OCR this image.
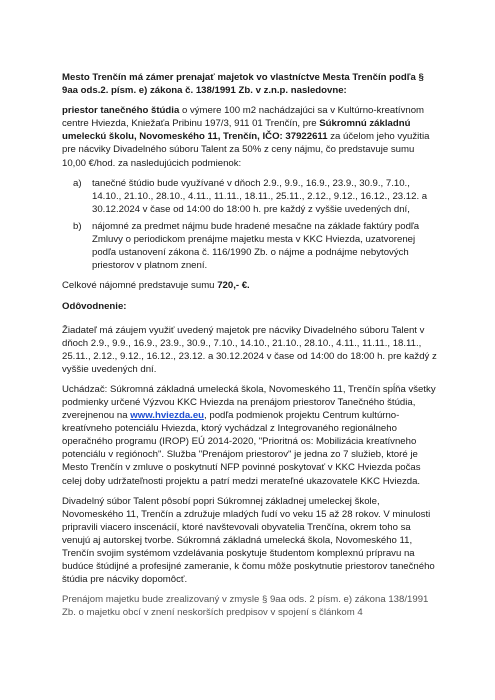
Mesto Trenčín má zámer prenajať majetok vo vlastníctve Mesta Trenčín podľa § 9aa ods.2. písm. e) zákona č. 138/1991 Zb. v z.n.p. nasledovne:

priestor tanečného štúdia o výmere 100 m2 nachádzajúci sa v Kultúrno-kreatívnom centre Hviezda, Kniežaťa Pribinu 197/3, 911 01 Trenčín, pre Súkromnú základnú umeleckú školu, Novomeského 11, Trenčín, IČO: 37922611 za účelom jeho využitia pre nácviky Divadelného súboru Talent za 50% z ceny nájmu, čo predstavuje sumu 10,00 €/hod. za nasledujúcich podmienok:

a) tanečné štúdio bude využívané v dňoch 2.9., 9.9., 16.9., 23.9., 30.9., 7.10., 14.10., 21.10., 28.10., 4.11., 11.11., 18.11., 25.11., 2.12., 9.12., 16.12., 23.12. a 30.12.2024 v čase od 14:00 do 18:00 h. pre každý z vyššie uvedených dní,
b) nájomné za predmet nájmu bude hradené mesačne na základe faktúry podľa Zmluvy o periodickom prenájme majetku mesta v KKC Hviezda, uzatvorenej podľa ustanovení zákona č. 116/1990 Zb. o nájme a podnájme nebytových priestorov v platnom znení.

Celkové nájomné predstavuje sumu 720,- €.

Odôvodnenie:

Žiadateľ má záujem využiť uvedený majetok pre nácviky Divadelného súboru Talent v dňoch 2.9., 9.9., 16.9., 23.9., 30.9., 7.10., 14.10., 21.10., 28.10., 4.11., 11.11., 18.11., 25.11., 2.12., 9.12., 16.12., 23.12. a 30.12.2024 v čase od 14:00 do 18:00 h. pre každý z vyššie uvedených dní.

Uchádzač: Súkromná základná umelecká škola, Novomeského 11, Trenčín spĺňa všetky podmienky určené Výzvou KKC Hviezda na prenájom priestorov Tanečného štúdia, zverejnenou na www.hviezda.eu, podľa podmienok projektu Centrum kultúrno-kreatívneho potenciálu Hviezda, ktorý vychádzal z Integrovaného regionálneho operačného programu (IROP) EÚ 2014-2020, "Prioritná os: Mobilizácia kreatívneho potenciálu v regiónoch". Služba "Prenájom priestorov" je jedna zo 7 služieb, ktoré je Mesto Trenčín v zmluve o poskytnutí NFP povinné poskytovať v KKC Hviezda počas celej doby udržateľnosti projektu a patrí medzi merateľné ukazovatele KKC Hviezda.

Divadelný súbor Talent pôsobí popri Súkromnej základnej umeleckej škole, Novomeského 11, Trenčín a združuje mladých ľudí vo veku 15 až 28 rokov. V minulosti pripravili viacero inscenácií, ktoré navštevovali obyvatelia Trenčína, okrem toho sa venujú aj autorskej tvorbe. Súkromná základná umelecká škola, Novomeského 11, Trenčín svojim systémom vzdelávania poskytuje študentom komplexnú prípravu na budúce štúdijné a profesijné zameranie, k čomu môže poskytnutie priestorov tanečného štúdia pre nácviky dopomôcť.

Prenájom majetku bude zrealizovaný v zmysle § 9aa ods. 2 písm. e) zákona 138/1991 Zb. o majetku obcí v znení neskorších predpisov v spojení s článkom 4
